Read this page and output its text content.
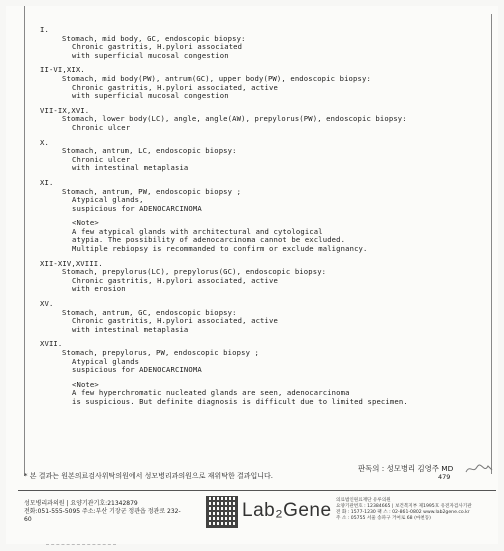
I.
Stomach, mid body, GC, endoscopic biopsy:
Chronic gastritis, H.pylori associated
with superficial mucosal congestion
II-VI,XIX.
Stomach, mid body(PW), antrum(GC), upper body(PW), endoscopic biopsy:
Chronic gastritis, H.pylori associated, active
with superficial mucosal congestion
VII-IX,XVI.
Stomach, lower body(LC), angle, angle(AW), prepylorus(PW), endoscopic biopsy:
Chronic ulcer
X.
Stomach, antrum, LC, endoscopic biopsy:
Chronic ulcer
with intestinal metaplasia
XI.
Stomach, antrum, PW, endoscopic biopsy ;
Atypical glands,
suspicious for ADENOCARCINOMA
<Note>
A few atypical glands with architectural and cytological
atypia. The possibility of adenocarcinoma cannot be excluded.
Multiple rebiopsy is recommanded to confirm or exclude malignancy.
XII-XIV,XVIII.
Stomach, prepylorus(LC), prepylorus(GC), endoscopic biopsy:
Chronic gastritis, H.pylori associated, active
with erosion
XV.
Stomach, antrum, GC, endoscopic biopsy:
Chronic gastritis, H.pylori associated, active
with intestinal metaplasia
XVII.
Stomach, prepylorus, PW, endoscopic biopsy ;
Atypical glands
suspicious for ADENOCARCINOMA
<Note>
A few hyperchromatic nucleated glands are seen, adenocarcinoma
is suspicious. But definite diagnosis is difficult due to limited specimen.
* 본 결과는 원본의료검사위탁의원에서 성모병리과의원으로 재위탁한 결과입니다.
판독의 : 성모병리 김영주 MD
479
성모병리과의원 | 요양기관기호:21342879
전화:051-555-5095 주소:부산 기장군 정관읍 정관로 232-
60	Lab₂Gene 의료법인원료재단 유루의원
요양기관번호 : 12384665 | 보건복지부 제1995호 유전자검사기관
전 화 : 1577-1230 팩 스 : 02-861-0802 www.lab2gene.co.kr
주 소 : 05755 서울 송파구 거여로 68 (마천동)
